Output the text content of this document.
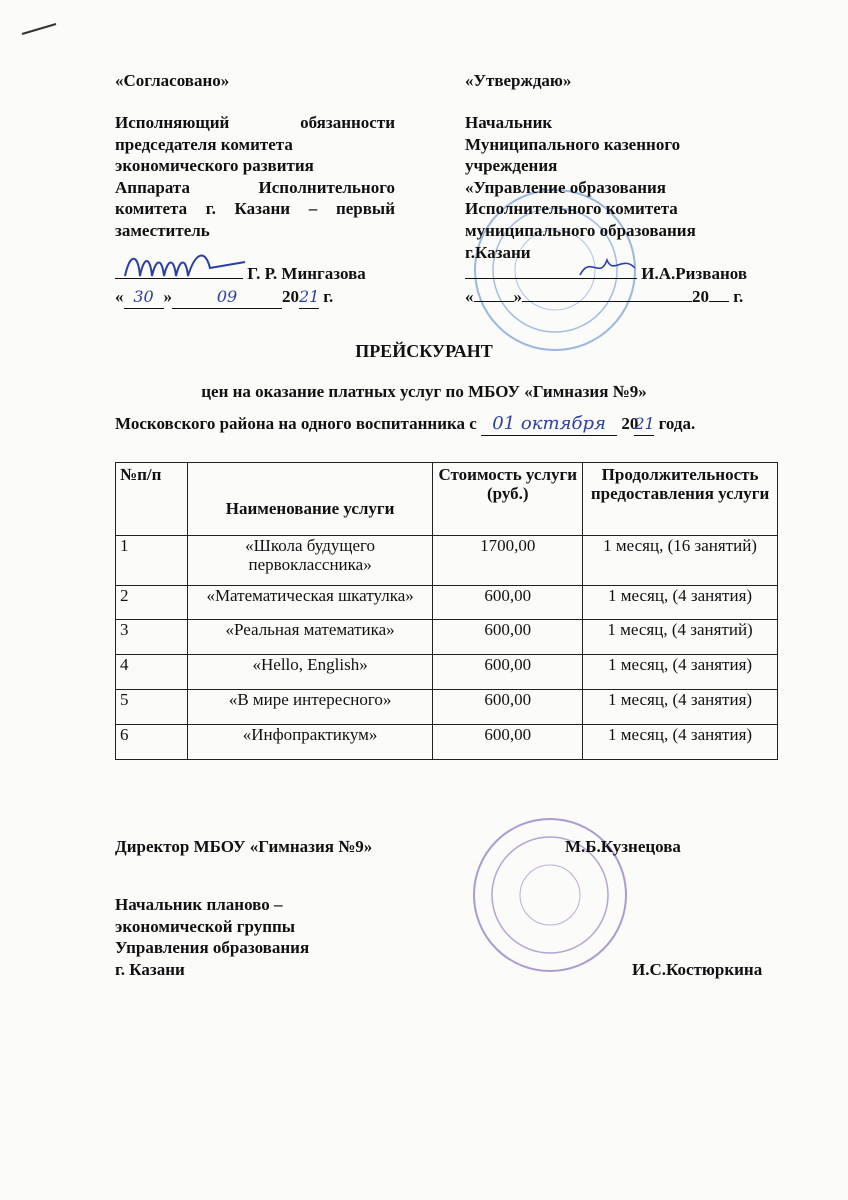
«Согласовано»	«Утверждаю»
Исполняющий обязанности
председателя комитета
экономического развития
Аппарата Исполнительного
комитета г. Казани – первый
заместитель
Г. Р. Мингазова
« 30 »	09	2021 г.
Начальник
Муниципального казенного
учреждения
«Управление образования
Исполнительного комитета
муниципального образования
г.Казани
И.А.Ризванов
« »	20 г.
ПРЕЙСКУРАНТ
цен на оказание платных услуг по МБОУ «Гимназия №9»
Московского района на одного воспитанника с 01 октября 2021 года.
№п/п	Наименование услуги	Стоимость услуги (руб.)	Продолжительность предоставления услуги
1	«Школа будущего первоклассника»	1700,00	1 месяц, (16 занятий)
2	«Математическая шкатулка»	600,00	1 месяц, (4 занятия)
3	«Реальная математика»	600,00	1 месяц, (4 занятий)
4	«Hello, English»	600,00	1 месяц, (4 занятия)
5	«В мире интересного»	600,00	1 месяц, (4 занятия)
6	«Инфопрактикум»	600,00	1 месяц, (4 занятия)
Директор МБОУ «Гимназия №9»	М.Б.Кузнецова
Начальник планово –
экономической группы
Управления образования
г. Казани	И.С.Костюркина
